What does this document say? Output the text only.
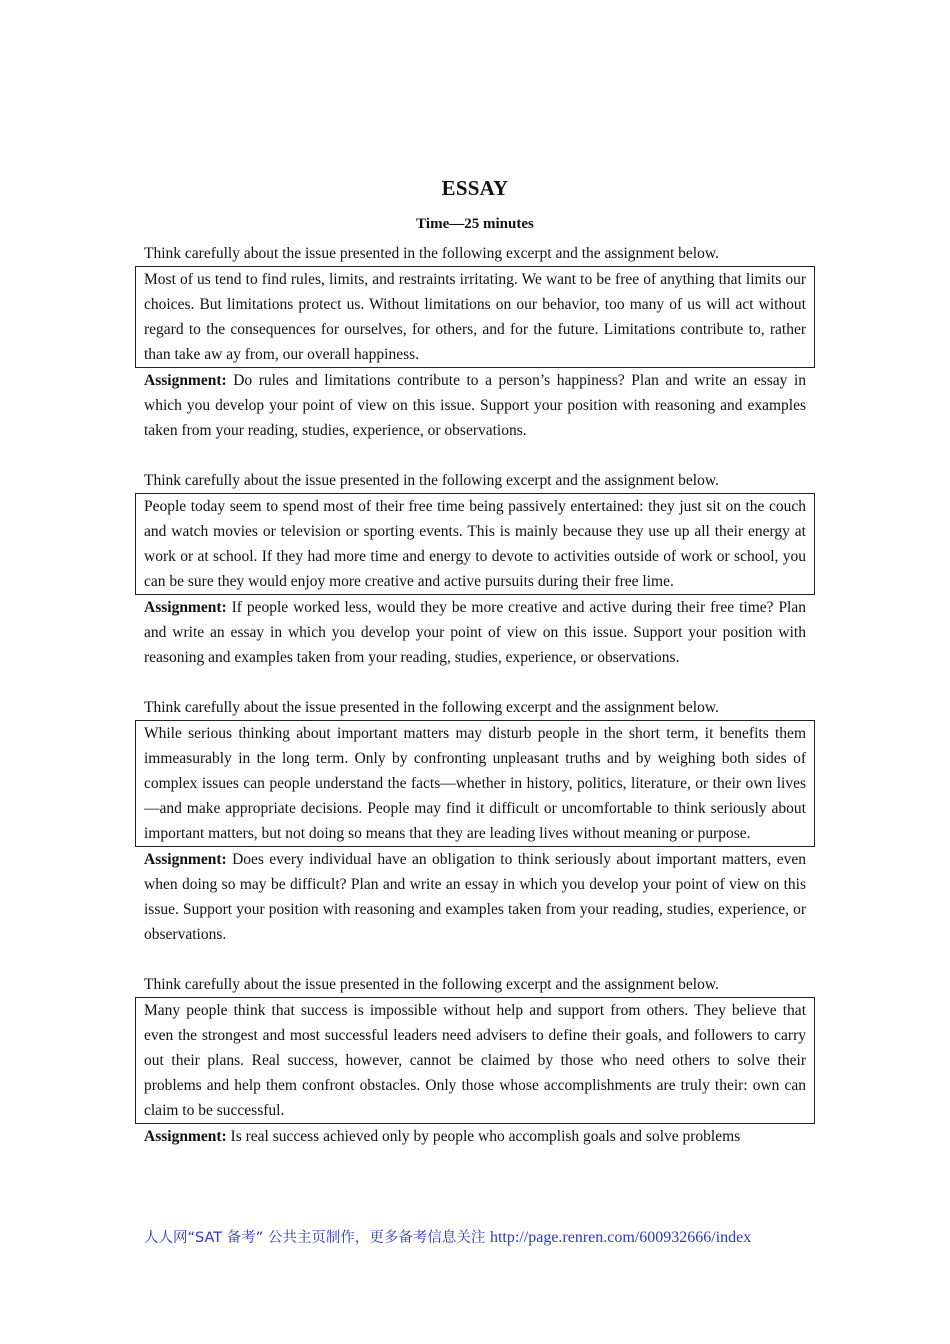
ESSAY
Time—25 minutes

Think carefully about the issue presented in the following excerpt and the assignment below.

Most of us tend to find rules, limits, and restraints irritating. We want to be free of anything that limits our choices. But limitations protect us. Without limitations on our behavior, too many of us will act without regard to the consequences for ourselves, for others, and for the future. Limitations contribute to, rather than take aw ay from, our overall happiness.

Assignment: Do rules and limitations contribute to a person’s happiness? Plan and write an essay in which you develop your point of view on this issue. Support your position with reasoning and examples taken from your reading, studies, experience, or observations.

Think carefully about the issue presented in the following excerpt and the assignment below.

People today seem to spend most of their free time being passively entertained: they just sit on the couch and watch movies or television or sporting events. This is mainly because they use up all their energy at work or at school. If they had more time and energy to devote to activities outside of work or school, you can be sure they would enjoy more creative and active pursuits during their free lime.

Assignment: If people worked less, would they be more creative and active during their free time? Plan and write an essay in which you develop your point of view on this issue. Support your position with reasoning and examples taken from your reading, studies, experience, or observations.

Think carefully about the issue presented in the following excerpt and the assignment below.

While serious thinking about important matters may disturb people in the short term, it benefits them immeasurably in the long term. Only by confronting unpleasant truths and by weighing both sides of complex issues can people understand the facts—whether in history, politics, literature, or their own lives—and make appropriate decisions. People may find it difficult or uncomfortable to think seriously about important matters, but not doing so means that they are leading lives without meaning or purpose.

Assignment: Does every individual have an obligation to think seriously about important matters, even when doing so may be difficult? Plan and write an essay in which you develop your point of view on this issue. Support your position with reasoning and examples taken from your reading, studies, experience, or observations.

Think carefully about the issue presented in the following excerpt and the assignment below.

Many people think that success is impossible without help and support from others. They believe that even the strongest and most successful leaders need advisers to define their goals, and followers to carry out their plans. Real success, however, cannot be claimed by those who need others to solve their problems and help them confront obstacles. Only those whose accomplishments are truly their: own can claim to be successful.

Assignment: Is real success achieved only by people who accomplish goals and solve problems

人人网“SAT 备考” 公共主页制作，更多备考信息关注 http://page.renren.com/600932666/index
